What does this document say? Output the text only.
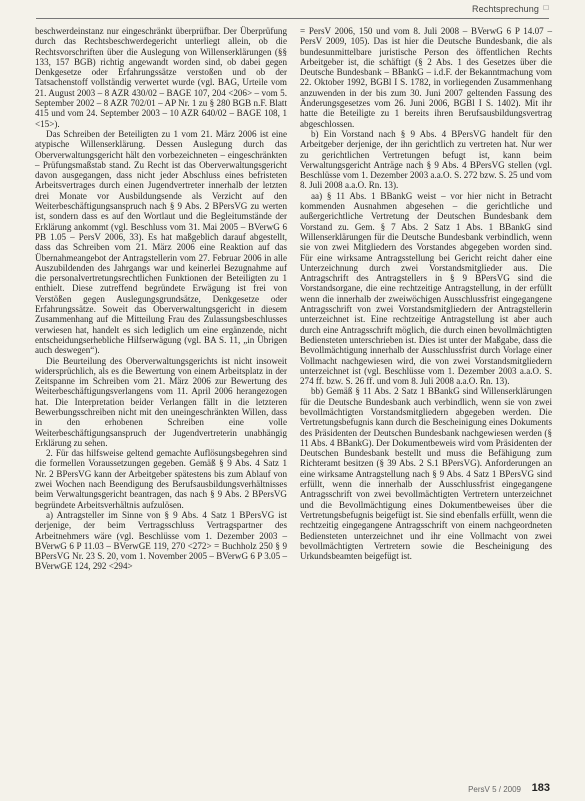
Rechtsprechung □

beschwerdeinstanz nur eingeschränkt überprüfbar. Der Überprüfung durch das Rechtsbeschwerdegericht unterliegt allein, ob die Rechtsvorschriften über die Auslegung von Willenserklärungen (§§ 133, 157 BGB) richtig angewandt worden sind, ob dabei gegen Denkgesetze oder Erfahrungssätze verstoßen und ob der Tatsachenstoff vollständig verwertet wurde (vgl. BAG, Urteile vom 21. August 2003 – 8 AZR 430/02 – BAGE 107, 204 <206> – vom 5. September 2002 – 8 AZR 702/01 – AP Nr. 1 zu § 280 BGB n.F. Blatt 415 und vom 24. September 2003 – 10 AZR 640/02 – BAGE 108, 1 <15>).

Das Schreiben der Beteiligten zu 1 vom 21. März 2006 ist eine atypische Willenserklärung. Dessen Auslegung durch das Oberverwaltungsgericht hält den vorbezeichneten – eingeschränkten – Prüfungsmaßstab stand. Zu Recht ist das Oberverwaltungsgericht davon ausgegangen, dass nicht jeder Abschluss eines befristeten Arbeitsvertrages durch einen Jugendvertreter innerhalb der letzten drei Monate vor Ausbildungsende als Verzicht auf den Weiterbeschäftigungsanspruch nach § 9 Abs. 2 BPersVG zu werten ist, sondern dass es auf den Wortlaut und die Begleitumstände der Erklärung ankommt (vgl. Beschluss vom 31. Mai 2005 – BVerwG 6 PB 1.05 – PersV 2006, 33). Es hat maßgeblich darauf abgestellt, dass das Schreiben vom 21. März 2006 eine Reaktion auf das Übernahmeangebot der Antragstellerin vom 27. Februar 2006 in alle Auszubildenden des Jahrgangs war und keinerlei Bezugnahme auf die personalvertretungsrechtlichen Funktionen der Beteiligten zu 1 enthielt. Diese zutreffend begründete Erwägung ist frei von Verstößen gegen Auslegungsgrundsätze, Denkgesetze oder Erfahrungssätze. Soweit das Oberverwaltungsgericht in diesem Zusammenhang auf die Mitteilung Frau des Zulassungsbeschlusses verwiesen hat, handelt es sich lediglich um eine ergänzende, nicht entscheidungserhebliche Hilfserwägung (vgl. BA S. 11, „in Übrigen auch deswegen“).

Die Beurteilung des Oberverwaltungsgerichts ist nicht insoweit widersprüchlich, als es die Bewertung von einem Arbeitsplatz in der Zeitspanne im Schreiben vom 21. März 2006 zur Bewertung des Weiterbeschäftigungsverlangens vom 11. April 2006 herangezogen hat. Die Interpretation beider Verlangen fällt in die letzteren Bewerbungsschreiben nicht mit den uneingeschränkten Willen, dass in den erhobenen Schreiben eine volle Weiterbeschäftigungsanspruch der Jugendvertreterin unabhängig Erklärung zu sehen.

2. Für das hilfsweise geltend gemachte Auflösungsbegehren sind die formellen Voraussetzungen gegeben. Gemäß § 9 Abs. 4 Satz 1 Nr. 2 BPersVG kann der Arbeitgeber spätestens bis zum Ablauf von zwei Wochen nach Beendigung des Berufsausbildungsverhältnisses beim Verwaltungsgericht beantragen, das nach § 9 Abs. 2 BPersVG begründete Arbeitsverhältnis aufzulösen.

a) Antragsteller im Sinne von § 9 Abs. 4 Satz 1 BPersVG ist derjenige, der beim Vertragsschluss Vertragspartner des Arbeitnehmers wäre (vgl. Beschlüsse vom 1. Dezember 2003 – BVerwG 6 P 11.03 – BVerwGE 119, 270 <272> = Buchholz 250 § 9 BPersVG Nr. 23 S. 20, vom 1. November 2005 – BVerwG 6 P 3.05 – BVerwGE 124, 292 <294>

= PersV 2006, 150 und vom 8. Juli 2008 – BVerwG 6 P 14.07 – PersV 2009, 105). Das ist hier die Deutsche Bundesbank, die als bundesunmittelbare juristische Person des öffentlichen Rechts Arbeitgeber ist, die schäftigt (§ 2 Abs. 1 des Gesetzes über die Deutsche Bundesbank – BBankG – i.d.F. der Bekanntmachung vom 22. Oktober 1992, BGBl I S. 1782, in vorliegenden Zusammenhang anzuwenden in der bis zum 30. Juni 2007 geltenden Fassung des Änderungsgesetzes vom 26. Juni 2006, BGBl I S. 1402). Mit ihr hatte die Beteiligte zu 1 bereits ihren Berufsausbildungsvertrag abgeschlossen.

b) Ein Vorstand nach § 9 Abs. 4 BPersVG handelt für den Arbeitgeber derjenige, der ihn gerichtlich zu vertreten hat. Nur wer zu gerichtlichen Vertretungen befugt ist, kann beim Verwaltungsgericht Anträge nach § 9 Abs. 4 BPersVG stellen (vgl. Beschlüsse vom 1. Dezember 2003 a.a.O. S. 272 bzw. S. 25 und vom 8. Juli 2008 a.a.O. Rn. 13).

aa) § 11 Abs. 1 BBankG weist – vor hier nicht in Betracht kommenden Ausnahmen abgesehen – die gerichtliche und außergerichtliche Vertretung der Deutschen Bundesbank dem Vorstand zu. Gem. § 7 Abs. 2 Satz 1 Abs. 1 BBankG sind Willenserklärungen für die Deutsche Bundesbank verbindlich, wenn sie von zwei Mitgliedern des Vorstandes abgegeben worden sind. Für eine wirksame Antragsstellung bei Gericht reicht daher eine Unterzeichnung durch zwei Vorstandsmitglieder aus. Die Antragschrift des Antragstellers in § 9 BPersVG sind die Vorstandsorgane, die eine rechtzeitige Antragstellung, in der erfüllt wenn die innerhalb der zweiwöchigen Ausschlussfrist eingegangene Antragsschrift von zwei Vorstandsmitgliedern der Antragstellerin unterzeichnet ist. Eine rechtzeitige Antragstellung ist aber auch durch eine Antragsschrift möglich, die durch einen bevollmächtigten Bediensteten unterschrieben ist. Dies ist unter der Maßgabe, dass die Bevollmächtigung innerhalb der Ausschlussfrist durch Vorlage einer Vollmacht nachgewiesen wird, die von zwei Vorstandsmitgliedern unterzeichnet ist (vgl. Beschlüsse vom 1. Dezember 2003 a.a.O. S. 274 ff. bzw. S. 26 ff. und vom 8. Juli 2008 a.a.O. Rn. 13).

bb) Gemäß § 11 Abs. 2 Satz 1 BBankG sind Willenserklärungen für die Deutsche Bundesbank auch verbindlich, wenn sie von zwei bevollmächtigten Vorstandsmitgliedern abgegeben werden. Die Vertretungsbefugnis kann durch die Bescheinigung eines Dokuments des Präsidenten der Deutschen Bundesbank nachgewiesen werden (§ 11 Abs. 4 BBankG). Der Dokumentbeweis wird vom Präsidenten der Deutschen Bundesbank bestellt und muss die Befähigung zum Richteramt besitzen (§ 39 Abs. 2 S.1 BPersVG). Anforderungen an eine wirksame Antragstellung nach § 9 Abs. 4 Satz 1 BPersVG sind erfüllt, wenn die innerhalb der Ausschlussfrist eingegangene Antragsschrift von zwei bevollmächtigten Vertretern unterzeichnet und die Bevollmächtigung eines Dokumentbeweises über die Vertretungsbefugnis beigefügt ist. Sie sind ebenfalls erfüllt, wenn die rechtzeitig eingegangene Antragsschrift von einem nachgeordneten Bediensteten unterzeichnet und ihr eine Vollmacht von zwei bevollmächtigten Vertretern sowie die Bescheinigung des Urkundsbeamten beigefügt ist.

PersV 5 / 2009 183
